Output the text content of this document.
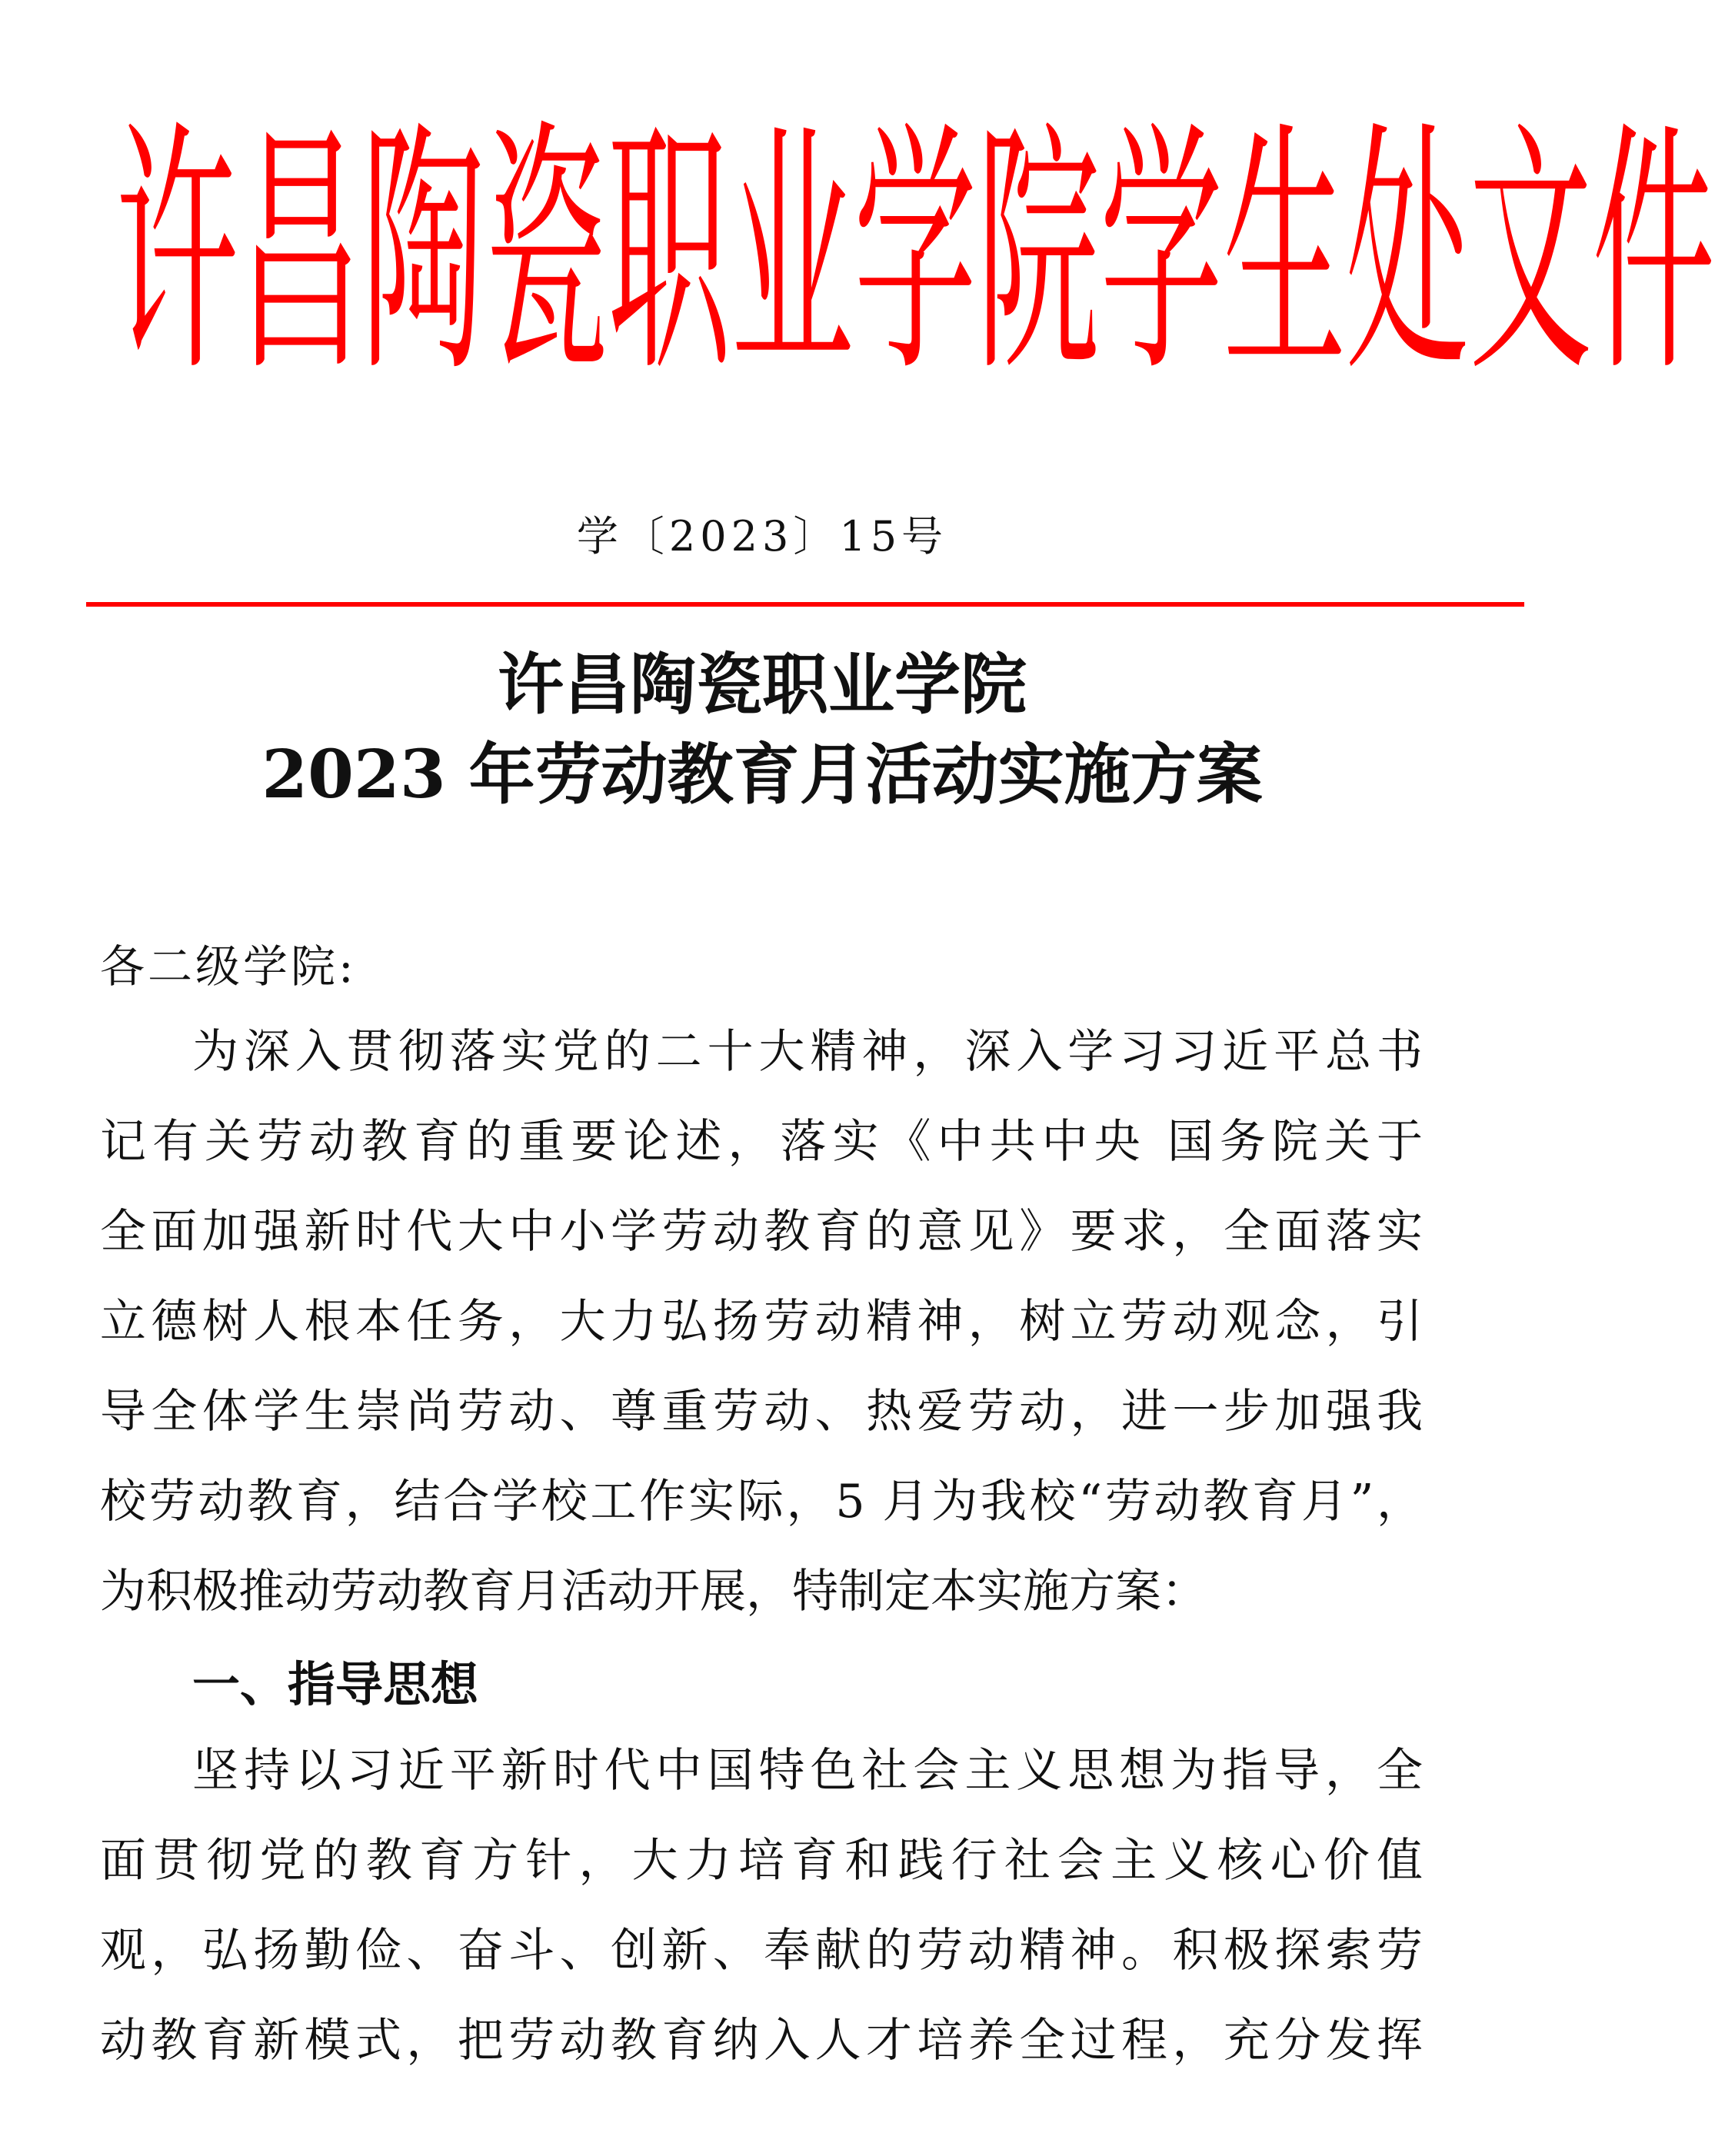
许 昌 陶 瓷 职 业 学 院 学 生 处 文 件
学〔2023〕15号
许昌陶瓷职业学院
2023 年劳动教育月活动实施方案
各二级学院:
为深入贯彻落实党的二十大精神，深入学习习近平总书
记有关劳动教育的重要论述，落实《中共中央 国务院关于
全面加强新时代大中小学劳动教育的意见》要求，全面落实
立德树人根本任务，大力弘扬劳动精神，树立劳动观念，引
导全体学生崇尚劳动、尊重劳动、热爱劳动，进一步加强我
校劳动教育，结合学校工作实际，5 月为我校“劳动教育月”，
为积极推动劳动教育月活动开展，特制定本实施方案：
一、指导思想
坚持以习近平新时代中国特色社会主义思想为指导，全
面贯彻党的教育方针，大力培育和践行社会主义核心价值
观，弘扬勤俭、奋斗、创新、奉献的劳动精神。积极探索劳
动教育新模式，把劳动教育纳入人才培养全过程，充分发挥
